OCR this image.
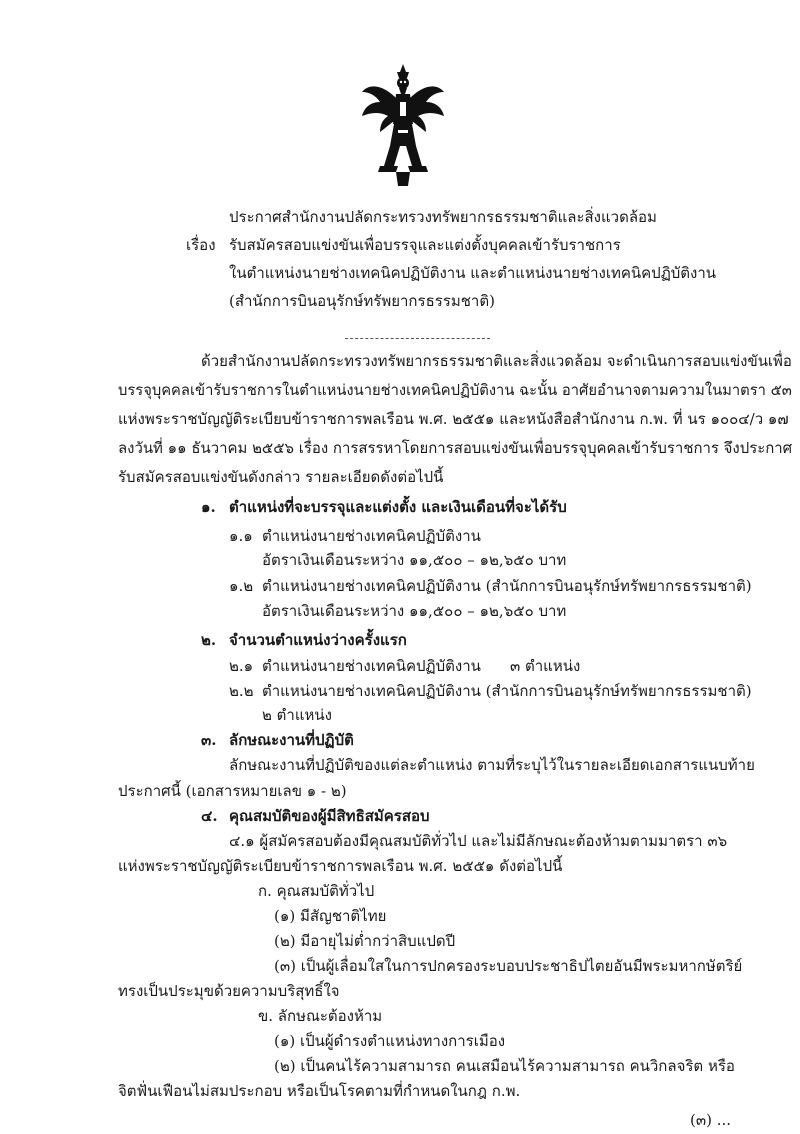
ประกาศสำนักงานปลัดกระทรวงทรัพยากรธรรมชาติและสิ่งแวดล้อม
เรื่อง รับสมัครสอบแข่งขันเพื่อบรรจุและแต่งตั้งบุคคลเข้ารับราชการ
ในตำแหน่งนายช่างเทคนิคปฏิบัติงาน และตำแหน่งนายช่างเทคนิคปฏิบัติงาน
(สำนักการบินอนุรักษ์ทรัพยากรธรรมชาติ)
ด้วยสำนักงานปลัดกระทรวงทรัพยากรธรรมชาติและสิ่งแวดล้อม จะดำเนินการสอบแข่งขันเพื่อ
บรรจุบุคคลเข้ารับราชการในตำแหน่งนายช่างเทคนิคปฏิบัติงาน ฉะนั้น อาศัยอำนาจตามความในมาตรา ๕๓
แห่งพระราชบัญญัติระเบียบข้าราชการพลเรือน พ.ศ. ๒๕๕๑ และหนังสือสำนักงาน ก.พ. ที่ นร ๑๐๐๔/ว ๑๗
ลงวันที่ ๑๑ ธันวาคม ๒๕๕๖ เรื่อง การสรรหาโดยการสอบแข่งขันเพื่อบรรจุบุคคลเข้ารับราชการ จึงประกาศ
รับสมัครสอบแข่งขันดังกล่าว รายละเอียดดังต่อไปนี้
๑. ตำแหน่งที่จะบรรจุและแต่งตั้ง และเงินเดือนที่จะได้รับ
๑.๑ ตำแหน่งนายช่างเทคนิคปฏิบัติงาน
อัตราเงินเดือนระหว่าง ๑๑,๕๐๐ – ๑๒,๖๕๐ บาท
๑.๒ ตำแหน่งนายช่างเทคนิคปฏิบัติงาน (สำนักการบินอนุรักษ์ทรัพยากรธรรมชาติ)
อัตราเงินเดือนระหว่าง ๑๑,๕๐๐ – ๑๒,๖๕๐ บาท
๒. จำนวนตำแหน่งว่างครั้งแรก
๒.๑ ตำแหน่งนายช่างเทคนิคปฏิบัติงาน ๓ ตำแหน่ง
๒.๒ ตำแหน่งนายช่างเทคนิคปฏิบัติงาน (สำนักการบินอนุรักษ์ทรัพยากรธรรมชาติ)
๒ ตำแหน่ง
๓. ลักษณะงานที่ปฏิบัติ
ลักษณะงานที่ปฏิบัติของแต่ละตำแหน่ง ตามที่ระบุไว้ในรายละเอียดเอกสารแนบท้าย
ประกาศนี้ (เอกสารหมายเลข ๑ - ๒)
๔. คุณสมบัติของผู้มีสิทธิสมัครสอบ
๔.๑ ผู้สมัครสอบต้องมีคุณสมบัติทั่วไป และไม่มีลักษณะต้องห้ามตามมาตรา ๓๖
แห่งพระราชบัญญัติระเบียบข้าราชการพลเรือน พ.ศ. ๒๕๕๑ ดังต่อไปนี้
ก. คุณสมบัติทั่วไป
(๑) มีสัญชาติไทย
(๒) มีอายุไม่ต่ำกว่าสิบแปดปี
(๓) เป็นผู้เลื่อมใสในการปกครองระบอบประชาธิปไตยอันมีพระมหากษัตริย์
ทรงเป็นประมุขด้วยความบริสุทธิ์ใจ
ข. ลักษณะต้องห้าม
(๑) เป็นผู้ดำรงตำแหน่งทางการเมือง
(๒) เป็นคนไร้ความสามารถ คนเสมือนไร้ความสามารถ คนวิกลจริต หรือ
จิตฟั่นเฟือนไม่สมประกอบ หรือเป็นโรคตามที่กำหนดในกฎ ก.พ.
(๓) ...
